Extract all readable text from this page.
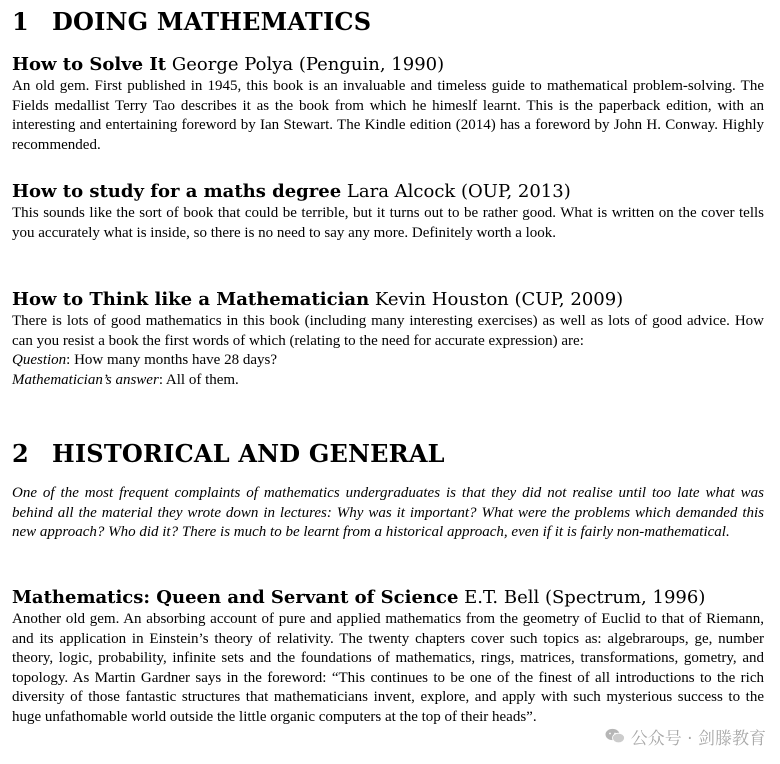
1 DOING MATHEMATICS

How to Solve It George Polya (Penguin, 1990)

An old gem. First published in 1945, this book is an invaluable and timeless guide to mathematical problem-solving. The Fields medallist Terry Tao describes it as the book from which he himeslf learnt. This is the paperback edition, with an interesting and entertaining foreword by Ian Stewart. The Kindle edition (2014) has a foreword by John H. Conway. Highly recommended.

How to study for a maths degree Lara Alcock (OUP, 2013)

This sounds like the sort of book that could be terrible, but it turns out to be rather good. What is written on the cover tells you accurately what is inside, so there is no need to say any more. Definitely worth a look.

How to Think like a Mathematician Kevin Houston (CUP, 2009)

There is lots of good mathematics in this book (including many interesting exercises) as well as lots of good advice. How can you resist a book the first words of which (relating to the need for accurate expression) are:

Question: How many months have 28 days?

Mathematician’s answer: All of them.

2 HISTORICAL AND GENERAL

One of the most frequent complaints of mathematics undergraduates is that they did not realise until too late what was behind all the material they wrote down in lectures: Why was it important? What were the problems which demanded this new approach? Who did it? There is much to be learnt from a historical approach, even if it is fairly non-mathematical.

Mathematics: Queen and Servant of Science E.T. Bell (Spectrum, 1996)

Another old gem. An absorbing account of pure and applied mathematics from the geometry of Euclid to that of Riemann, and its application in Einstein’s theory of relativity. The twenty chapters cover such topics as: algebraroups, ge, number theory, logic, probability, infinite sets and the foundations of mathematics, rings, matrices, transformations, gometry, and topology. As Martin Gardner says in the foreword: “This continues to be one of the finest of all introductions to the rich diversity of those fantastic structures that mathematicians invent, explore, and apply with such mysterious success to the huge unfathomable world outside the little organic computers at the top of their heads”.

公众号 · 剑滕教育
